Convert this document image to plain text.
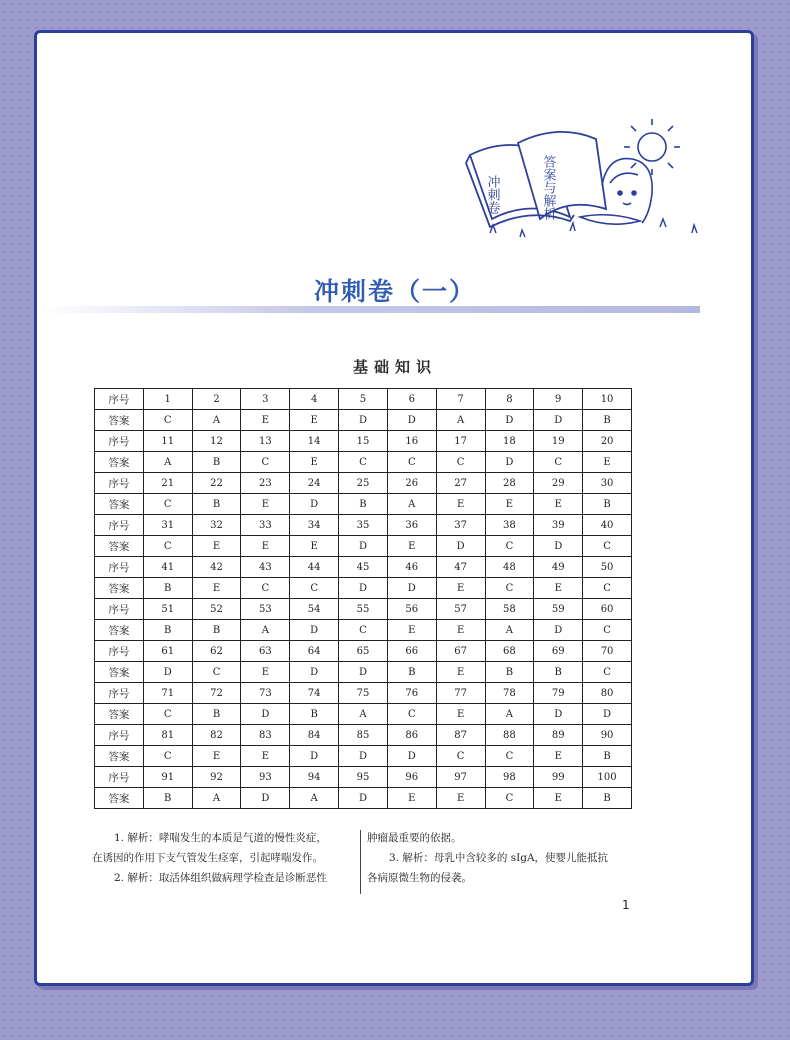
冲刺卷	答案与解析
冲刺卷（一）
基础知识
序号	1	2	3	4	5	6	7	8	9	10
答案	C	A	E	E	D	D	A	D	D	B
序号	11	12	13	14	15	16	17	18	19	20
答案	A	B	C	E	C	C	C	D	C	E
序号	21	22	23	24	25	26	27	28	29	30
答案	C	B	E	D	B	A	E	E	E	B
序号	31	32	33	34	35	36	37	38	39	40
答案	C	E	E	E	D	E	D	C	D	C
序号	41	42	43	44	45	46	47	48	49	50
答案	B	E	C	C	D	D	E	C	E	C
序号	51	52	53	54	55	56	57	58	59	60
答案	B	B	A	D	C	E	E	A	D	C
序号	61	62	63	64	65	66	67	68	69	70
答案	D	C	E	D	D	B	E	B	B	C
序号	71	72	73	74	75	76	77	78	79	80
答案	C	B	D	B	A	C	E	A	D	D
序号	81	82	83	84	85	86	87	88	89	90
答案	C	E	E	D	D	D	C	C	E	B
序号	91	92	93	94	95	96	97	98	99	100
答案	B	A	D	A	D	E	E	C	E	B

1. 解析：哮喘发生的本质是气道的慢性炎症，

在诱因的作用下支气管发生痉挛，引起哮喘发作。

2. 解析：取活体组织做病理学检查是诊断恶性

肿瘤最重要的依据。

3. 解析：母乳中含较多的 sIgA，使婴儿能抵抗

各病原微生物的侵袭。

1
